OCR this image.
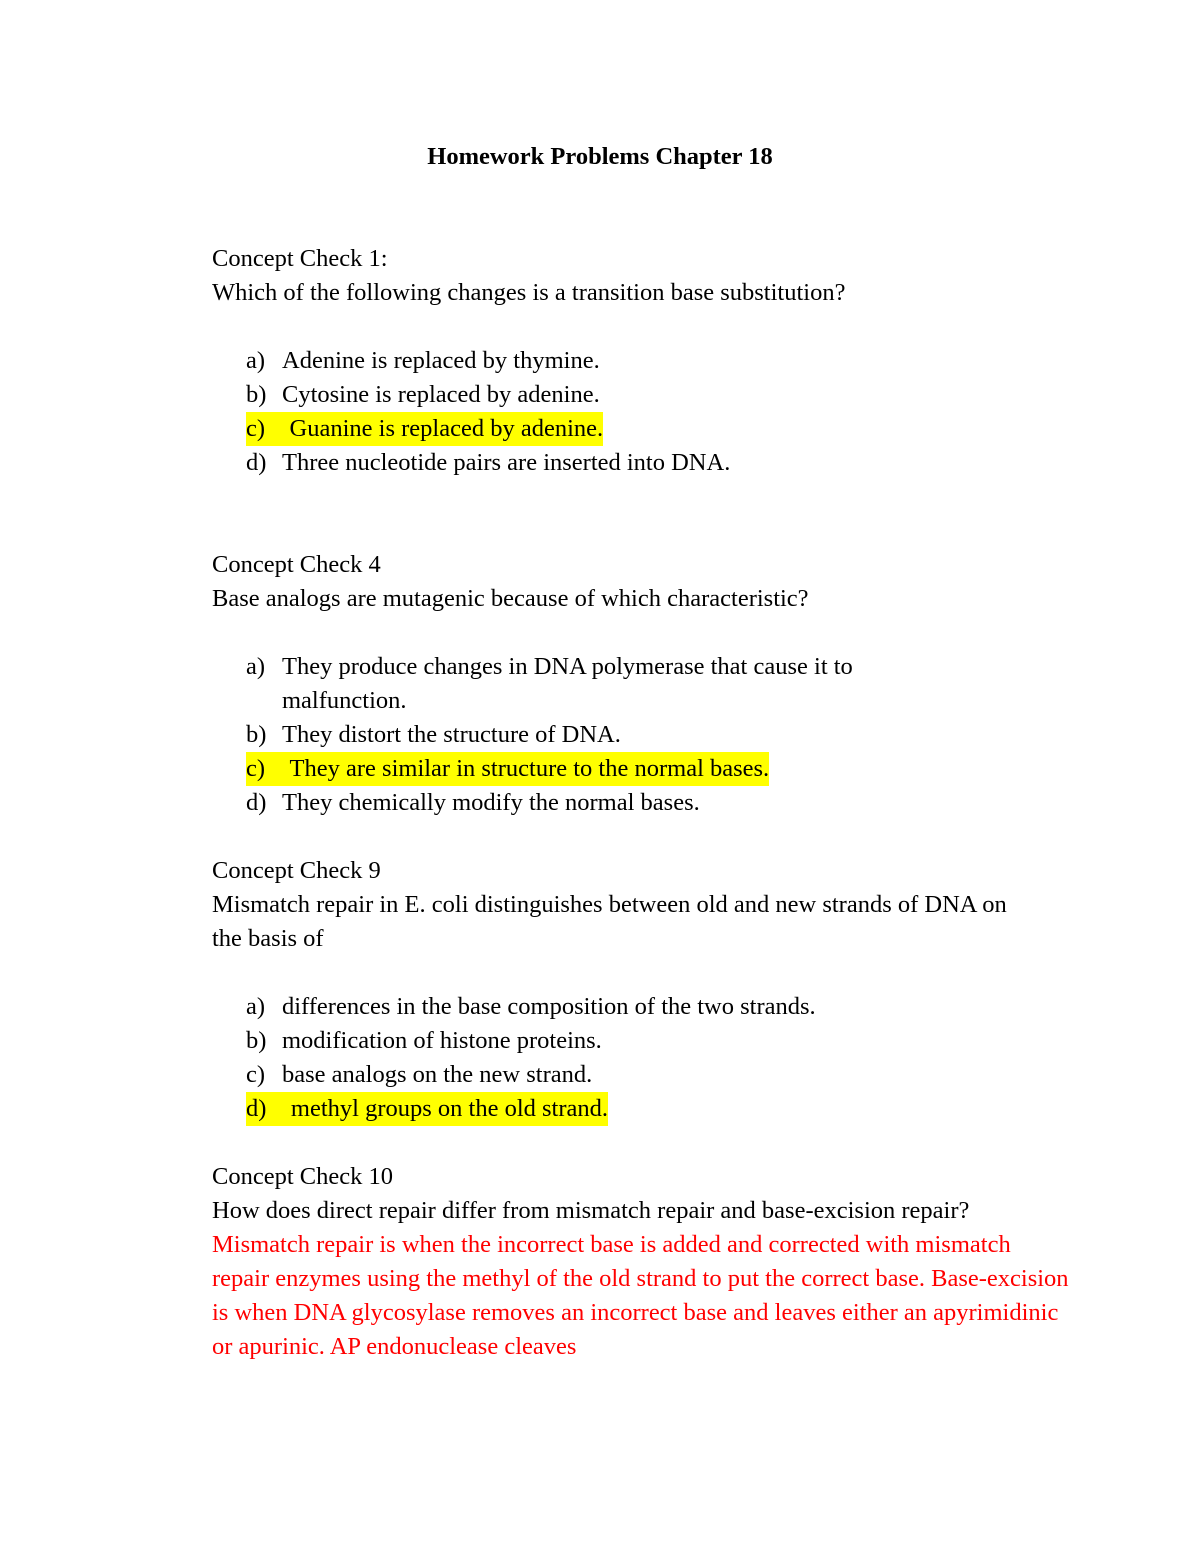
Homework Problems Chapter 18
Concept Check 1:
Which of the following changes is a transition base substitution?
a) Adenine is replaced by thymine.
b) Cytosine is replaced by adenine.
c) Guanine is replaced by adenine.

d) Three nucleotide pairs are inserted into DNA.
Concept Check 4
Base analogs are mutagenic because of which characteristic?
a) They produce changes in DNA polymerase that cause it to malfunction.
b) They distort the structure of DNA.
c) They are similar in structure to the normal bases.

d) They chemically modify the normal bases.
Concept Check 9
Mismatch repair in E. coli distinguishes between old and new strands of DNA on the basis of
a) differences in the base composition of the two strands.
b) modification of histone proteins.
c) base analogs on the new strand.
d) methyl groups on the old strand.

Concept Check 10
How does direct repair differ from mismatch repair and base-excision repair? Mismatch repair is when the incorrect base is added and corrected with mismatch repair enzymes using the methyl of the old strand to put the correct base. Base-excision is when DNA glycosylase removes an incorrect base and leaves either an apyrimidinic or apurinic. AP endonuclease cleaves
